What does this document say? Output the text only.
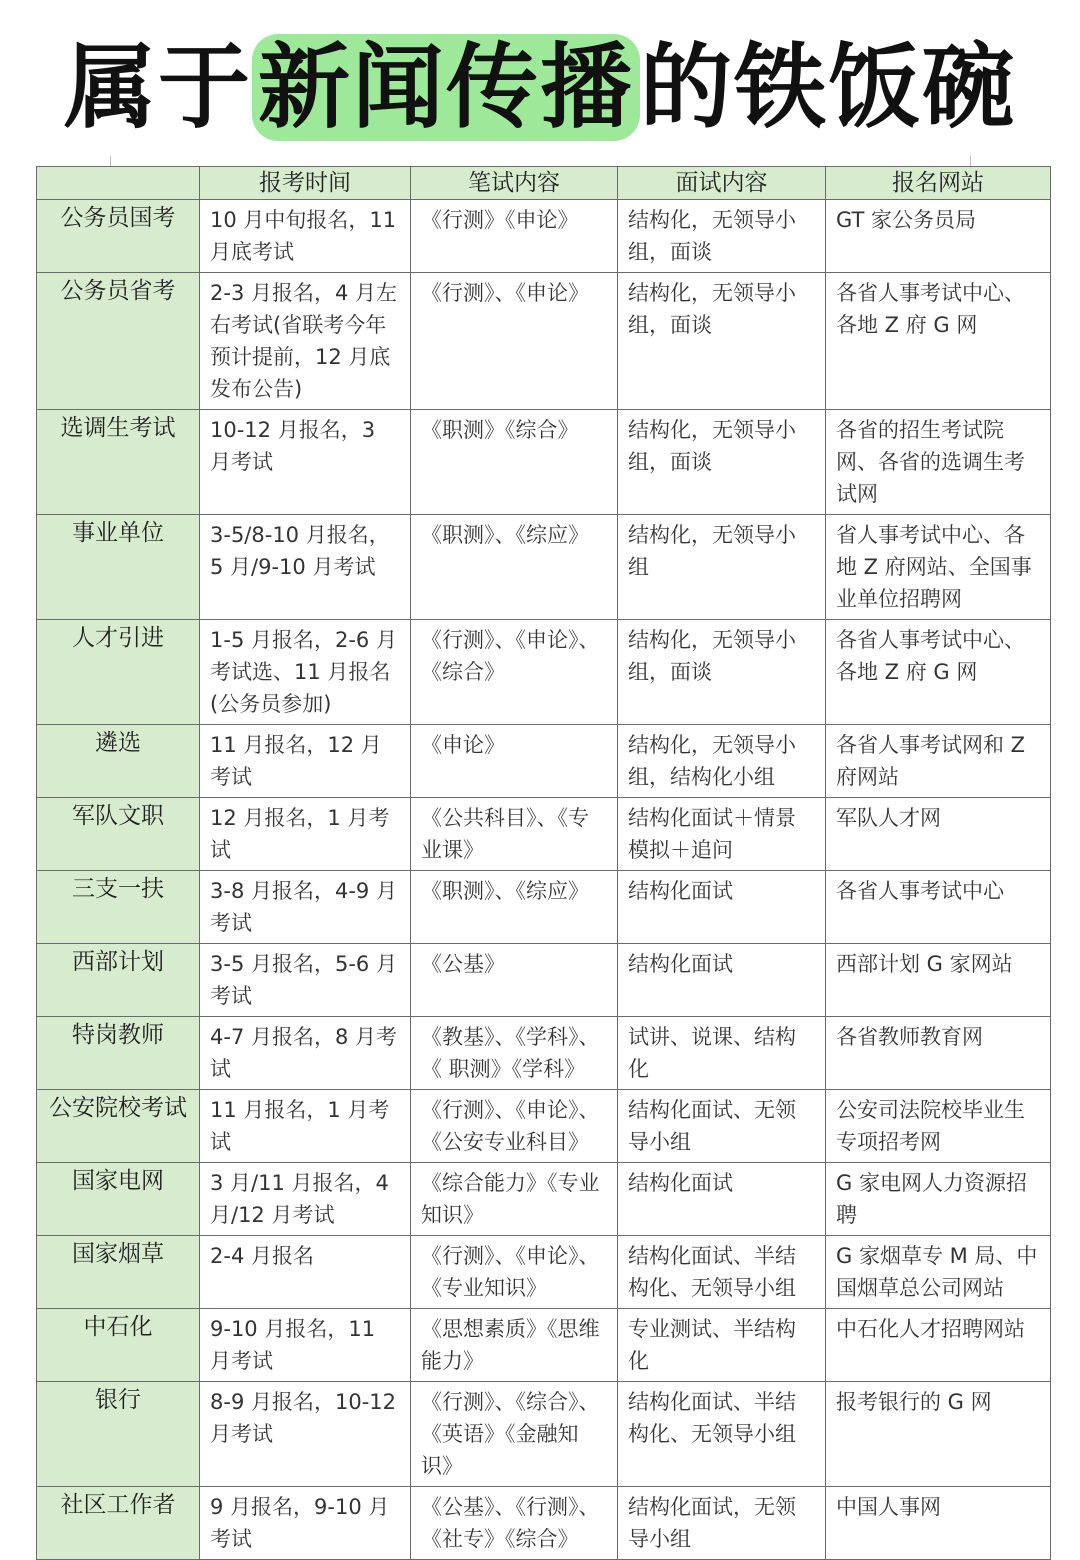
属于新闻传播的铁饭碗
	报考时间	笔试内容	面试内容	报名网站
公务员国考	10 月中旬报名，11 月底考试	《行测》《申论》	结构化，无领导小组，面谈	GT 家公务员局
公务员省考	2-3 月报名，4 月左右考试(省联考今年预计提前，12 月底发布公告)	《行测》、《申论》	结构化，无领导小组，面谈	各省人事考试中心、各地 Z 府 G 网
选调生考试	10-12 月报名，3 月考试	《职测》《综合》	结构化，无领导小组，面谈	各省的招生考试院网、各省的选调生考试网
事业单位	3-5/8-10 月报名，5 月/9-10 月考试	《职测》、《综应》	结构化，无领导小组	省人事考试中心、各地 Z 府网站、全国事业单位招聘网
人才引进	1-5 月报名，2-6 月考试选、11 月报名 (公务员参加)	《行测》、《申论》、《综合》	结构化，无领导小组，面谈	各省人事考试中心、各地 Z 府 G 网
遴选	11 月报名，12 月考试	《申论》	结构化，无领导小组，结构化小组	各省人事考试网和 Z 府网站
军队文职	12 月报名，1 月考试	《公共科目》、《专业课》	结构化面试＋情景模拟＋追问	军队人才网
三支一扶	3-8 月报名，4-9 月考试	《职测》、《综应》	结构化面试	各省人事考试中心
西部计划	3-5 月报名，5-6 月考试	《公基》	结构化面试	西部计划 G 家网站
特岗教师	4-7 月报名，8 月考试	《教基》、《学科》、《 职测》《学科》	试讲、说课、结构化	各省教师教育网
公安院校考试	11 月报名，1 月考试	《行测》、《申论》、《公安专业科目》	结构化面试、无领导小组	公安司法院校毕业生专项招考网
国家电网	3 月/11 月报名，4 月/12 月考试	《综合能力》《专业知识》	结构化面试	G 家电网人力资源招聘
国家烟草	2-4 月报名	《行测》、《申论》、《专业知识》	结构化面试、半结构化、无领导小组	G 家烟草专 M 局、中国烟草总公司网站
中石化	9-10 月报名，11 月考试	《思想素质》《思维能力》	专业测试、半结构化	中石化人才招聘网站
银行	8-9 月报名，10-12 月考试	《行测》、《综合》、《英语》《金融知识》	结构化面试、半结构化、无领导小组	报考银行的 G 网
社区工作者	9 月报名，9-10 月考试	《公基》、《行测》、《社专》《综合》	结构化面试，无领导小组	中国人事网
